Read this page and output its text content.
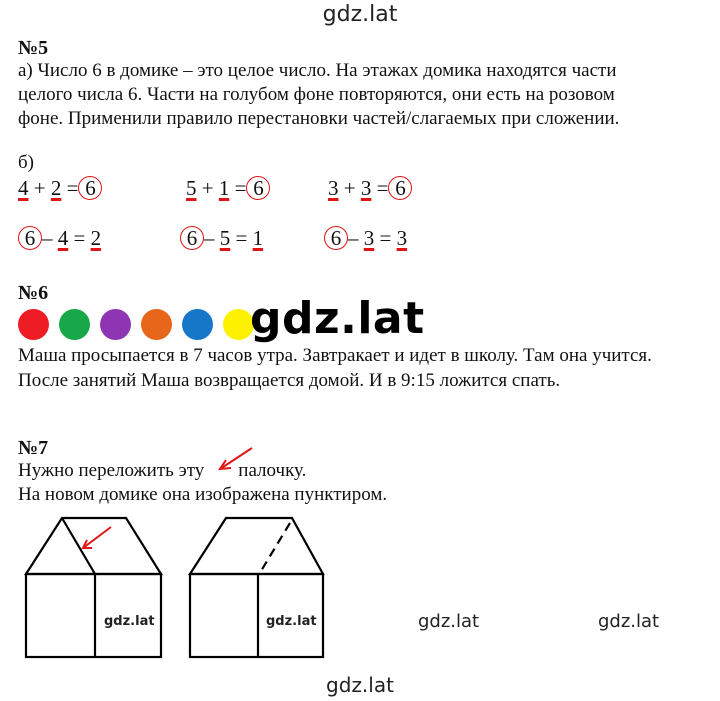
gdz.lat
№5
а) Число 6 в домике – это целое число. На этажах домика находятся части
целого числа 6. Части на голубом фоне повторяются, они есть на розовом
фоне. Применили правило перестановки частей/слагаемых при сложении.
б)
4 + 2 = 6	5 + 1 = 6	3 + 3 = 6
6 – 4 = 2	6 – 5 = 1	6 – 3 = 3
№6	gdz.lat
Маша просыпается в 7 часов утра. Завтракает и идет в школу. Там она учится.
После занятий Маша возвращается домой. И в 9:15 ложится спать.
№7
Нужно переложить эту палочку.
На новом домике она изображена пунктиром.
gdz.lat	gdz.lat	gdz.lat	gdz.lat
gdz.lat
